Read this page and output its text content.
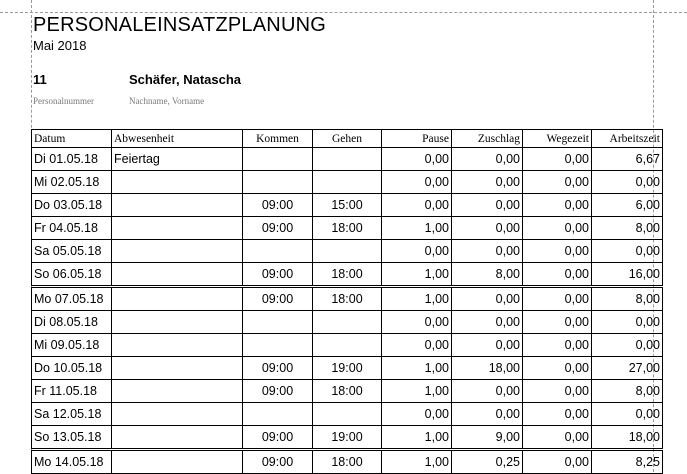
PERSONALEINSATZPLANUNG
Mai 2018
11	Schäfer, Natascha
Personalnummer	Nachname, Vorname
Datum	Abwesenheit	Kommen	Gehen	Pause	Zuschlag	Wegezeit	Arbeitszeit
Di 01.05.18	Feiertag			0,00	0,00	0,00	6,67
Mi 02.05.18				0,00	0,00	0,00	0,00
Do 03.05.18		09:00	15:00	0,00	0,00	0,00	6,00
Fr 04.05.18		09:00	18:00	1,00	0,00	0,00	8,00
Sa 05.05.18				0,00	0,00	0,00	0,00
So 06.05.18		09:00	18:00	1,00	8,00	0,00	16,00
Mo 07.05.18		09:00	18:00	1,00	0,00	0,00	8,00
Di 08.05.18				0,00	0,00	0,00	0,00
Mi 09.05.18				0,00	0,00	0,00	0,00
Do 10.05.18		09:00	19:00	1,00	18,00	0,00	27,00
Fr 11.05.18		09:00	18:00	1,00	0,00	0,00	8,00
Sa 12.05.18				0,00	0,00	0,00	0,00
So 13.05.18		09:00	19:00	1,00	9,00	0,00	18,00
Mo 14.05.18		09:00	18:00	1,00	0,25	0,00	8,25
